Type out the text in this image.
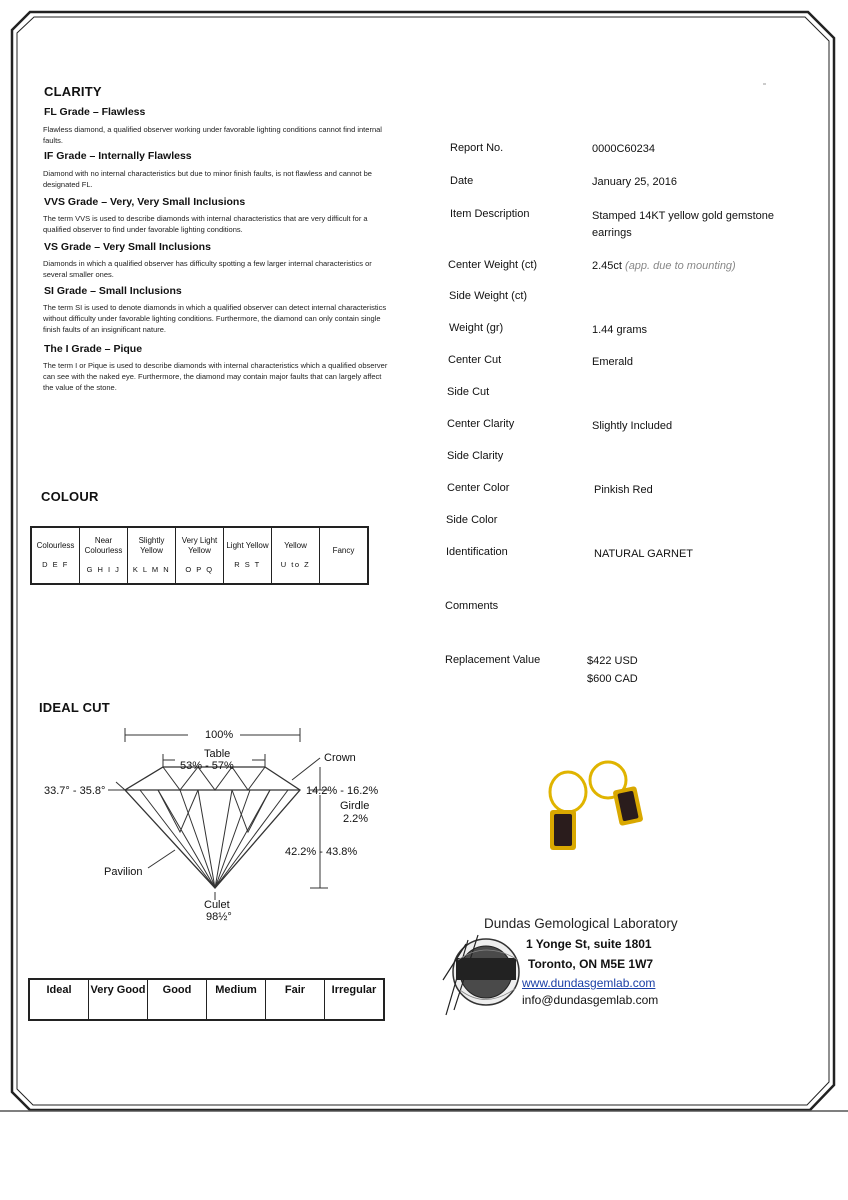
CLARITY
FL Grade – Flawless
Flawless diamond, a qualified observer working under favorable lighting conditions cannot find internal faults.
IF Grade – Internally Flawless
Diamond with no internal characteristics but due to minor finish faults, is not flawless and cannot be designated FL.
VVS Grade – Very, Very Small Inclusions
The term VVS is used to describe diamonds with internal characteristics that are very difficult for a qualified observer to find under favorable lighting conditions.
VS Grade – Very Small Inclusions
Diamonds in which a qualified observer has difficulty spotting a few larger internal characteristics or several smaller ones.
SI Grade – Small Inclusions
The term SI is used to denote diamonds in which a qualified observer can detect internal characteristics without difficulty under favorable lighting conditions. Furthermore, the diamond can only contain single finish faults of an insignificant nature.
The I Grade – Pique
The term I or Pique is used to describe diamonds with internal characteristics which a qualified observer can see with the naked eye. Furthermore, the diamond may contain major faults that can largely affect the value of the stone.
COLOUR
Colourless
D E F
	Near Colourless
G H I J
	Slightly Yellow
K L M N
	Very Light Yellow
O P Q
	Light Yellow
R S T
	Yellow
U to Z
	Fancy
IDEAL CUT
100%
Table
53% - 57%
Crown
33.7° - 35.8°	14.2% - 16.2%
Girdle
2.2%
42.2% - 43.8%
Pavilion
Culet
98½°
Ideal	Very Good	Good	Medium	Fair	Irregular
Report No.	0000C60234
Date	January 25, 2016
Item Description	Stamped 14KT yellow gold gemstone earrings
Center Weight (ct)	2.45ct (app. due to mounting)
Side Weight (ct)
Weight (gr)	1.44 grams
Center Cut	Emerald
Side Cut
Center Clarity	Slightly Included
Side Clarity
Center Color	Pinkish Red
Side Color
Identification	NATURAL GARNET
Comments
Replacement Value	$422 USD
$600 CAD
Dundas Gemological Laboratory
1 Yonge St, suite 1801
Toronto, ON M5E 1W7
www.dundasgemlab.com
info@dundasgemlab.com
